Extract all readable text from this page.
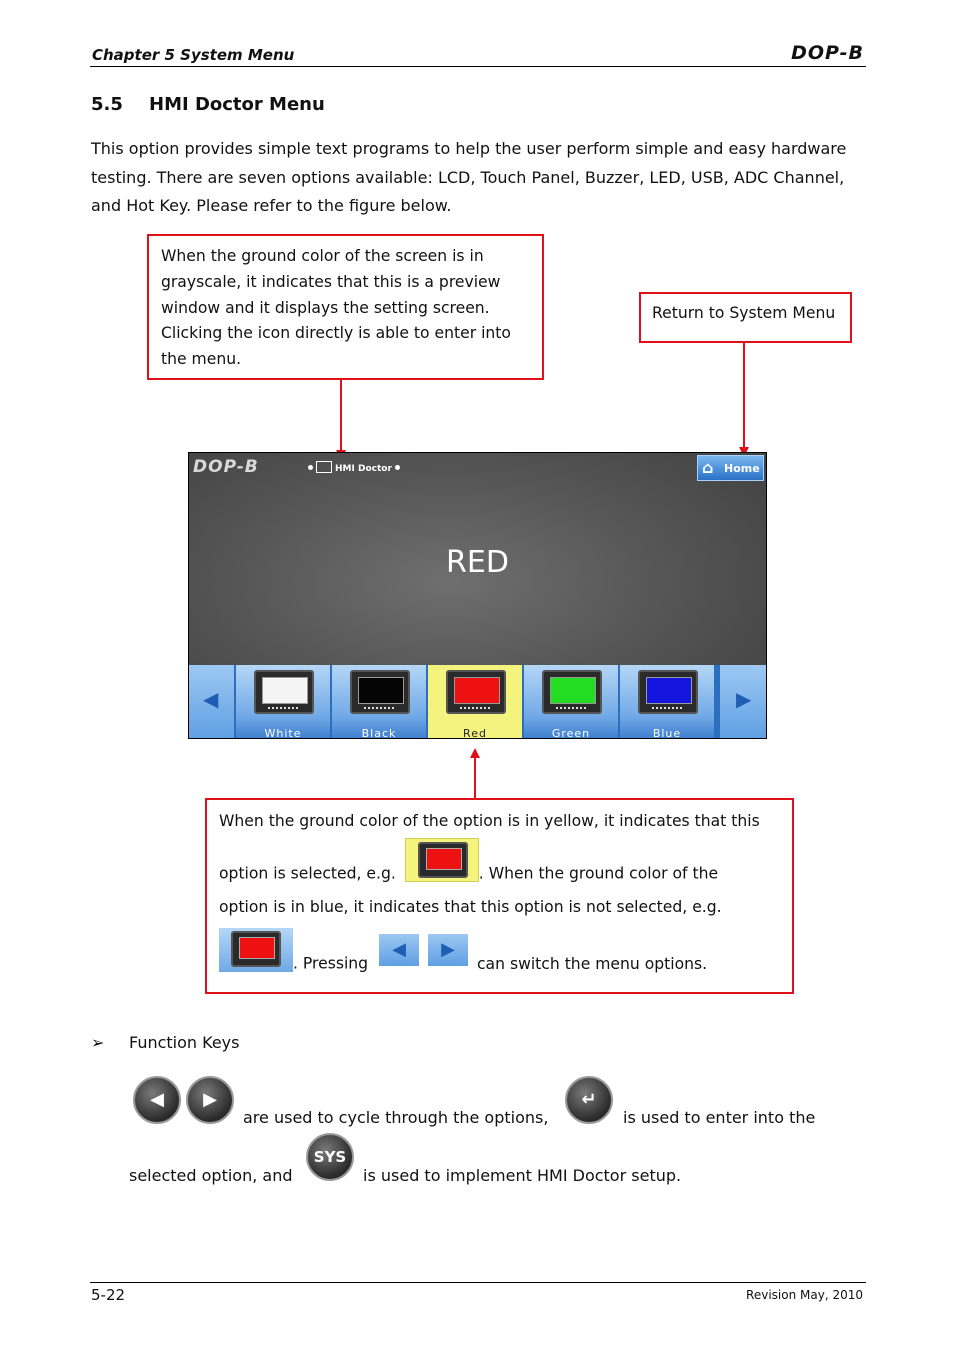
Chapter 5 System Menu	DOP-B
5.5 HMI Doctor Menu
This option provides simple text programs to help the user perform simple and easy hardware testing. There are seven options available: LCD, Touch Panel, Buzzer, LED, USB, ADC Channel, and Hot Key. Please refer to the figure below.
When the ground color of the screen is in grayscale, it indicates that this is a preview window and it displays the setting screen. Clicking the icon directly is able to enter into the menu.
Return to System Menu
DOP-B	HMI Doctor	⌂ Home
RED
◀
White	Black	Red	Green	Blue
▶
When the ground color of the option is in yellow, it indicates that this
option is selected, e.g.	. When the ground color of the
option is in blue, it indicates that this option is not selected, e.g.
. Pressing ◀ ▶ can switch the menu options.
➢ Function Keys
◀	▶
are used to cycle through the options,
↵
is used to enter into the
selected option, and
SYS
is used to implement HMI Doctor setup.
5-22	Revision May, 2010
